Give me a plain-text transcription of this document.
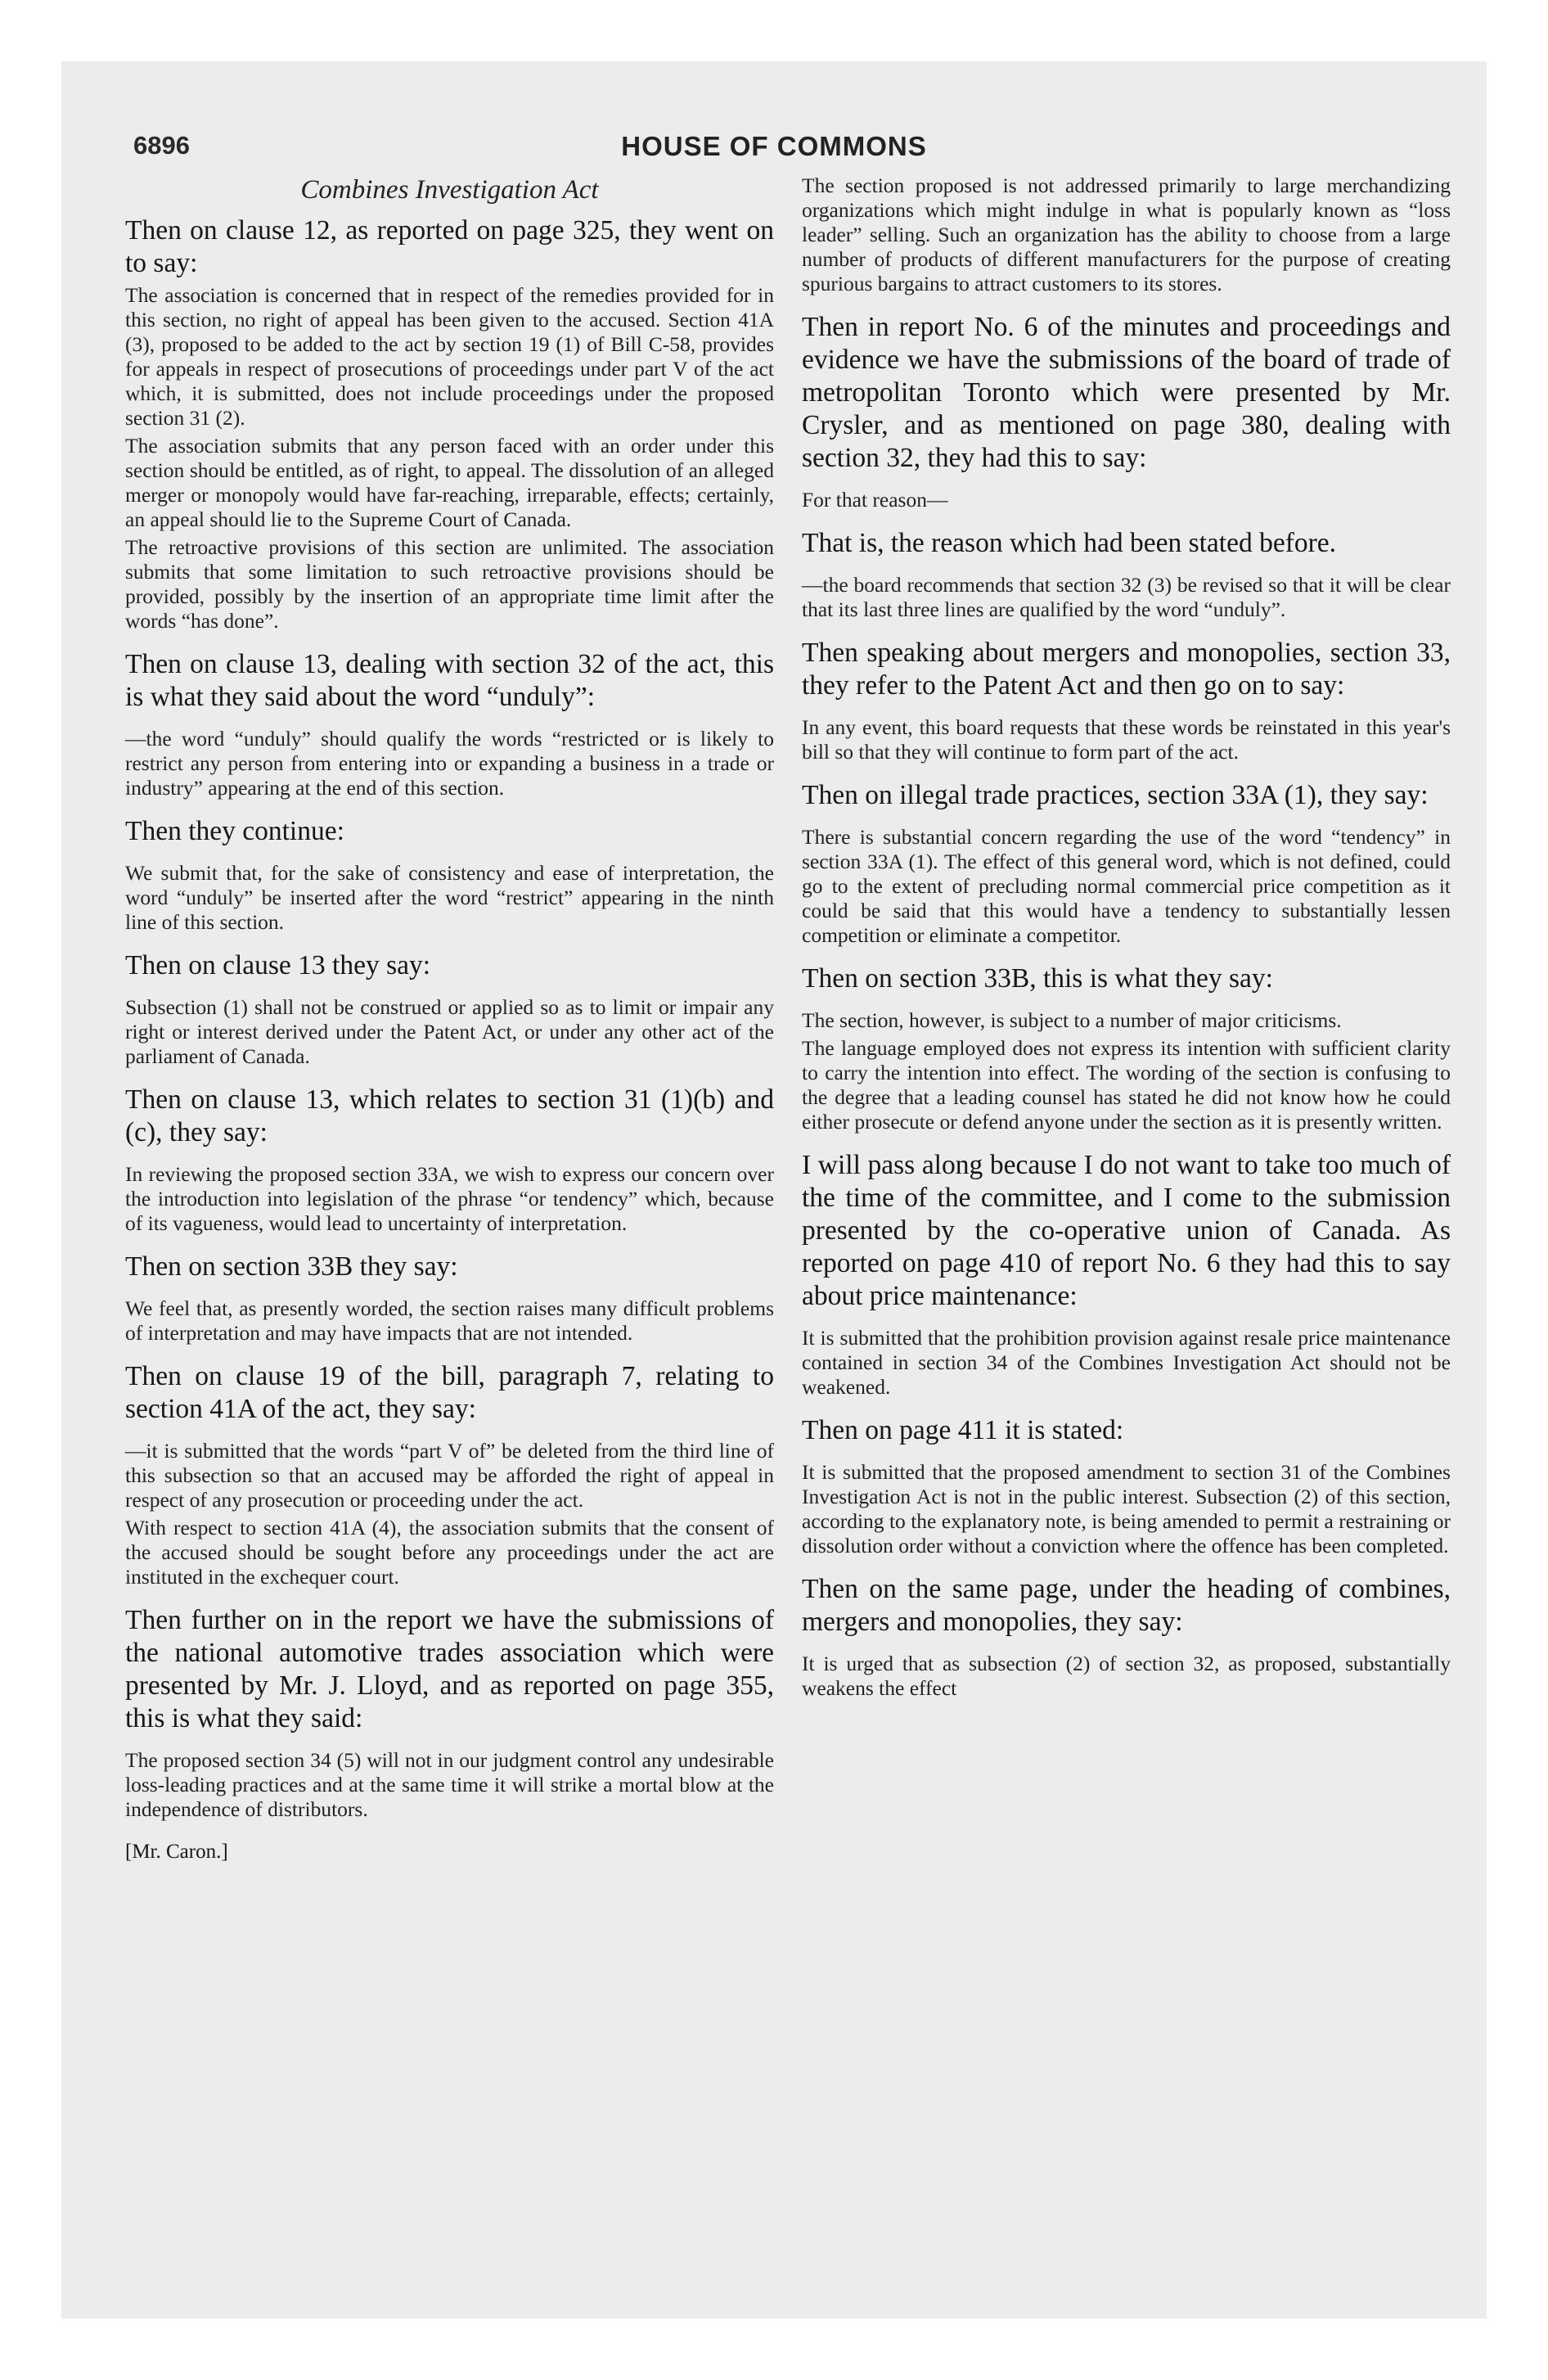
6896	HOUSE OF COMMONS
Combines Investigation Act

Then on clause 12, as reported on page 325, they went on to say:

The association is concerned that in respect of the remedies provided for in this section, no right of appeal has been given to the accused. Section 41A (3), proposed to be added to the act by section 19 (1) of Bill C-58, provides for appeals in respect of prosecutions of proceedings under part V of the act which, it is submitted, does not include proceedings under the proposed section 31 (2).

The association submits that any person faced with an order under this section should be entitled, as of right, to appeal. The dissolution of an alleged merger or monopoly would have far-reaching, irreparable, effects; certainly, an appeal should lie to the Supreme Court of Canada.

The retroactive provisions of this section are unlimited. The association submits that some limitation to such retroactive provisions should be provided, possibly by the insertion of an appropriate time limit after the words “has done”.

Then on clause 13, dealing with section 32 of the act, this is what they said about the word “unduly”:

—the word “unduly” should qualify the words “restricted or is likely to restrict any person from entering into or expanding a business in a trade or industry” appearing at the end of this section.

Then they continue:

We submit that, for the sake of consistency and ease of interpretation, the word “unduly” be inserted after the word “restrict” appearing in the ninth line of this section.

Then on clause 13 they say:

Subsection (1) shall not be construed or applied so as to limit or impair any right or interest derived under the Patent Act, or under any other act of the parliament of Canada.

Then on clause 13, which relates to section 31 (1)(b) and (c), they say:

In reviewing the proposed section 33A, we wish to express our concern over the introduction into legislation of the phrase “or tendency” which, because of its vagueness, would lead to uncertainty of interpretation.

Then on section 33B they say:

We feel that, as presently worded, the section raises many difficult problems of interpretation and may have impacts that are not intended.

Then on clause 19 of the bill, paragraph 7, relating to section 41A of the act, they say:

—it is submitted that the words “part V of” be deleted from the third line of this subsection so that an accused may be afforded the right of appeal in respect of any prosecution or proceeding under the act.

With respect to section 41A (4), the association submits that the consent of the accused should be sought before any proceedings under the act are instituted in the exchequer court.

Then further on in the report we have the submissions of the national automotive trades association which were presented by Mr. J. Lloyd, and as reported on page 355, this is what they said:

The proposed section 34 (5) will not in our judgment control any undesirable loss-leading practices and at the same time it will strike a mortal blow at the independence of distributors.

[Mr. Caron.]

The section proposed is not addressed primarily to large merchandizing organizations which might indulge in what is popularly known as “loss leader” selling. Such an organization has the ability to choose from a large number of products of different manufacturers for the purpose of creating spurious bargains to attract customers to its stores.

Then in report No. 6 of the minutes and proceedings and evidence we have the submissions of the board of trade of metropolitan Toronto which were presented by Mr. Crysler, and as mentioned on page 380, dealing with section 32, they had this to say:

For that reason—

That is, the reason which had been stated before.

—the board recommends that section 32 (3) be revised so that it will be clear that its last three lines are qualified by the word “unduly”.

Then speaking about mergers and monopolies, section 33, they refer to the Patent Act and then go on to say:

In any event, this board requests that these words be reinstated in this year's bill so that they will continue to form part of the act.

Then on illegal trade practices, section 33A (1), they say:

There is substantial concern regarding the use of the word “tendency” in section 33A (1). The effect of this general word, which is not defined, could go to the extent of precluding normal commercial price competition as it could be said that this would have a tendency to substantially lessen competition or eliminate a competitor.

Then on section 33B, this is what they say:

The section, however, is subject to a number of major criticisms.

The language employed does not express its intention with sufficient clarity to carry the intention into effect. The wording of the section is confusing to the degree that a leading counsel has stated he did not know how he could either prosecute or defend anyone under the section as it is presently written.

I will pass along because I do not want to take too much of the time of the committee, and I come to the submission presented by the co-operative union of Canada. As reported on page 410 of report No. 6 they had this to say about price maintenance:

It is submitted that the prohibition provision against resale price maintenance contained in section 34 of the Combines Investigation Act should not be weakened.

Then on page 411 it is stated:

It is submitted that the proposed amendment to section 31 of the Combines Investigation Act is not in the public interest. Subsection (2) of this section, according to the explanatory note, is being amended to permit a restraining or dissolution order without a conviction where the offence has been completed.

Then on the same page, under the heading of combines, mergers and monopolies, they say:

It is urged that as subsection (2) of section 32, as proposed, substantially weakens the effect
